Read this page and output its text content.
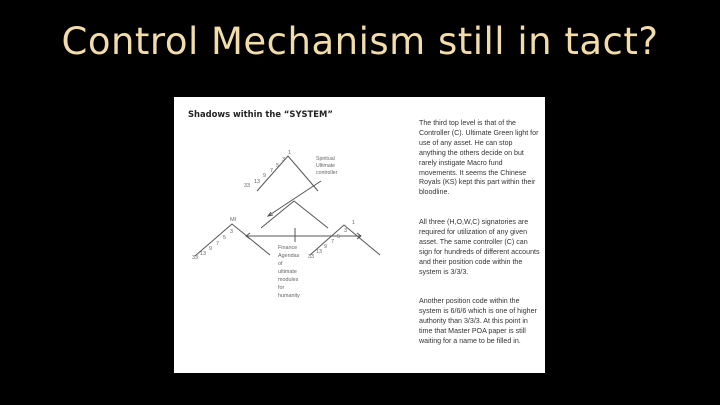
Control Mechanism still in tact?
Shadows within the “SYSTEM”
Spiritual Ultimate controller
33
13
9
7
5
3
1
MI
33
13
9
7
5
3
33
13
9
7
5
3
1
Finance Agendas of ultimate modules for humanity
The third top level is that of the Controller (C). Ultimate Green light for use of any asset. He can stop anything the others decide on but rarely instigate Macro fund movements. It seems the Chinese Royals (KS) kept this part within their bloodline.
All three (H,O,W,C) signatories are required for utilization of any given asset. The same controller (C) can sign for hundreds of different accounts and their position code within the system is 3/3/3.
Another position code within the system is 6/6/6 which is one of higher authority than 3/3/3. At this point in time that Master POA paper is still waiting for a name to be filled in.
